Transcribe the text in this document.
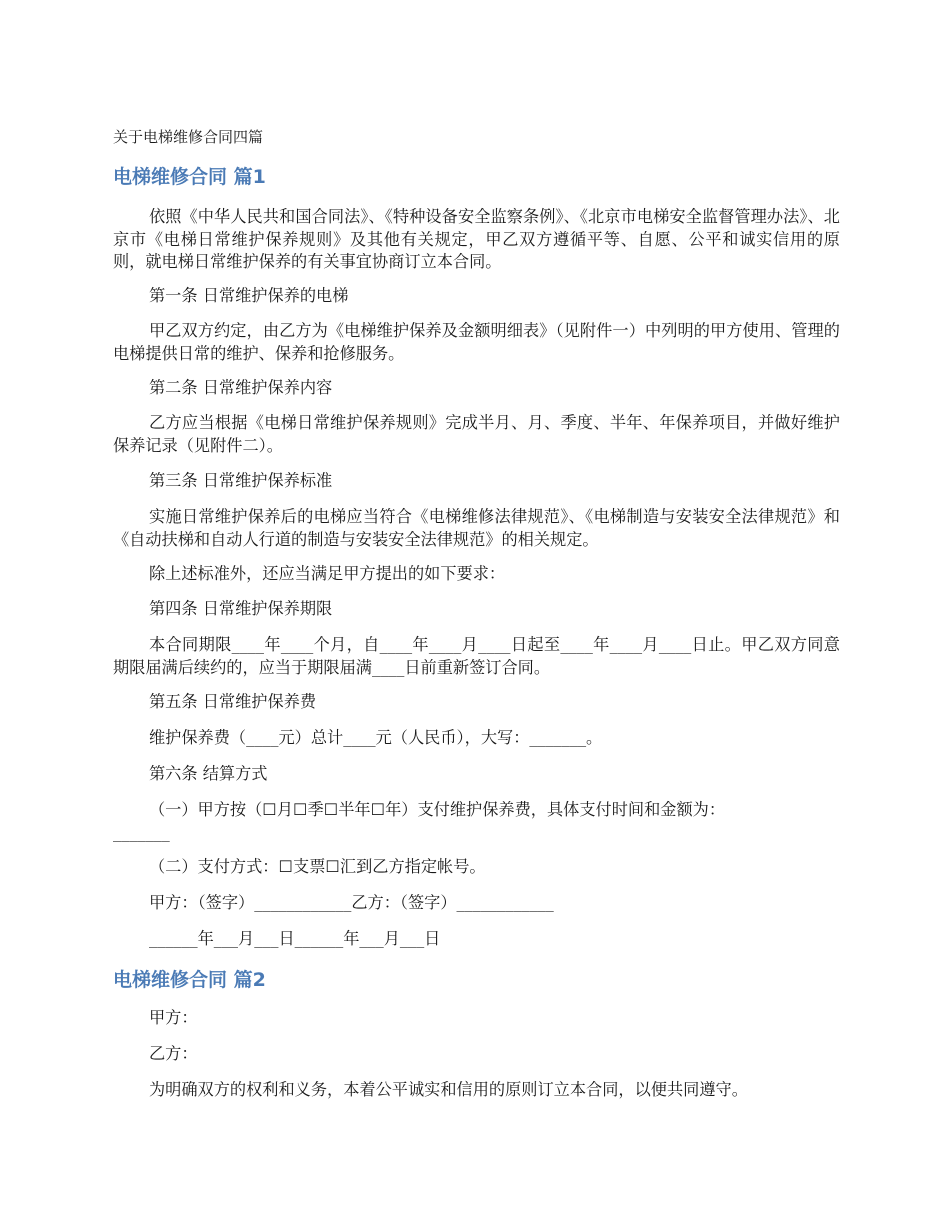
关于电梯维修合同四篇
电梯维修合同 篇1
依照《中华人民共和国合同法》、《特种设备安全监察条例》、《北京市电梯安全监督管理办法》、北京市《电梯日常维护保养规则》及其他有关规定，甲乙双方遵循平等、自愿、公平和诚实信用的原则，就电梯日常维护保养的有关事宜协商订立本合同。
第一条 日常维护保养的电梯
甲乙双方约定，由乙方为《电梯维护保养及金额明细表》（见附件一）中列明的甲方使用、管理的电梯提供日常的维护、保养和抢修服务。
第二条 日常维护保养内容
乙方应当根据《电梯日常维护保养规则》完成半月、月、季度、半年、年保养项目，并做好维护保养记录（见附件二）。
第三条 日常维护保养标准
实施日常维护保养后的电梯应当符合《电梯维修法律规范》、《电梯制造与安装安全法律规范》和《自动扶梯和自动人行道的制造与安装安全法律规范》的相关规定。
除上述标准外，还应当满足甲方提出的如下要求：
第四条 日常维护保养期限
本合同期限____年____个月，自____年____月____日起至____年____月____日止。甲乙双方同意期限届满后续约的，应当于期限届满____日前重新签订合同。
第五条 日常维护保养费
维护保养费（____元）总计____元（人民币），大写：_______。
第六条 结算方式
（一）甲方按（☐月☐季☐半年☐年）支付维护保养费，具体支付时间和金额为：
_______
（二）支付方式：☐支票☐汇到乙方指定帐号。
甲方：（签字）____________乙方：（签字）____________
______年___月___日______年___月___日
电梯维修合同 篇2
甲方：
乙方：
为明确双方的权利和义务，本着公平诚实和信用的原则订立本合同，以便共同遵守。
